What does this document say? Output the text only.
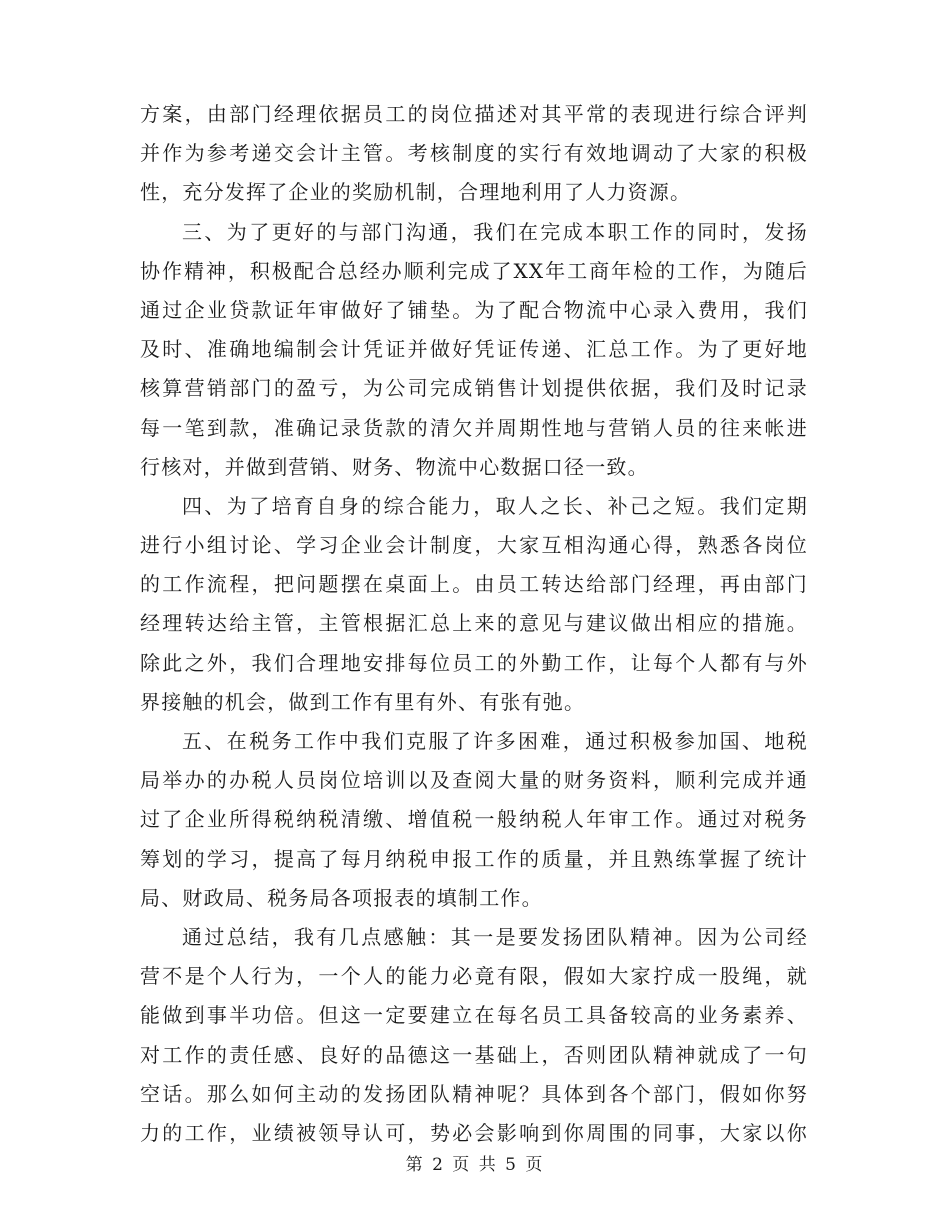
方案，由部门经理依据员工的岗位描述对其平常的表现进行综合评判
并作为参考递交会计主管。考核制度的实行有效地调动了大家的积极
性，充分发挥了企业的奖励机制，合理地利用了人力资源。
三、为了更好的与部门沟通，我们在完成本职工作的同时，发扬
协作精神，积极配合总经办顺利完成了XX年工商年检的工作，为随后
通过企业贷款证年审做好了铺垫。为了配合物流中心录入费用，我们
及时、准确地编制会计凭证并做好凭证传递、汇总工作。为了更好地
核算营销部门的盈亏，为公司完成销售计划提供依据，我们及时记录
每一笔到款，准确记录货款的清欠并周期性地与营销人员的往来帐进
行核对，并做到营销、财务、物流中心数据口径一致。
四、为了培育自身的综合能力，取人之长、补己之短。我们定期
进行小组讨论、学习企业会计制度，大家互相沟通心得，熟悉各岗位
的工作流程，把问题摆在桌面上。由员工转达给部门经理，再由部门
经理转达给主管，主管根据汇总上来的意见与建议做出相应的措施。
除此之外，我们合理地安排每位员工的外勤工作，让每个人都有与外
界接触的机会，做到工作有里有外、有张有弛。
五、在税务工作中我们克服了许多困难，通过积极参加国、地税
局举办的办税人员岗位培训以及查阅大量的财务资料，顺利完成并通
过了企业所得税纳税清缴、增值税一般纳税人年审工作。通过对税务
筹划的学习，提高了每月纳税申报工作的质量，并且熟练掌握了统计
局、财政局、税务局各项报表的填制工作。
通过总结，我有几点感触：其一是要发扬团队精神。因为公司经
营不是个人行为，一个人的能力必竟有限，假如大家拧成一股绳，就
能做到事半功倍。但这一定要建立在每名员工具备较高的业务素养、
对工作的责任感、良好的品德这一基础上，否则团队精神就成了一句
空话。那么如何主动的发扬团队精神呢？具体到各个部门，假如你努
力的工作，业绩被领导认可，势必会影响到你周围的同事，大家以你
第 2 页 共 5 页
